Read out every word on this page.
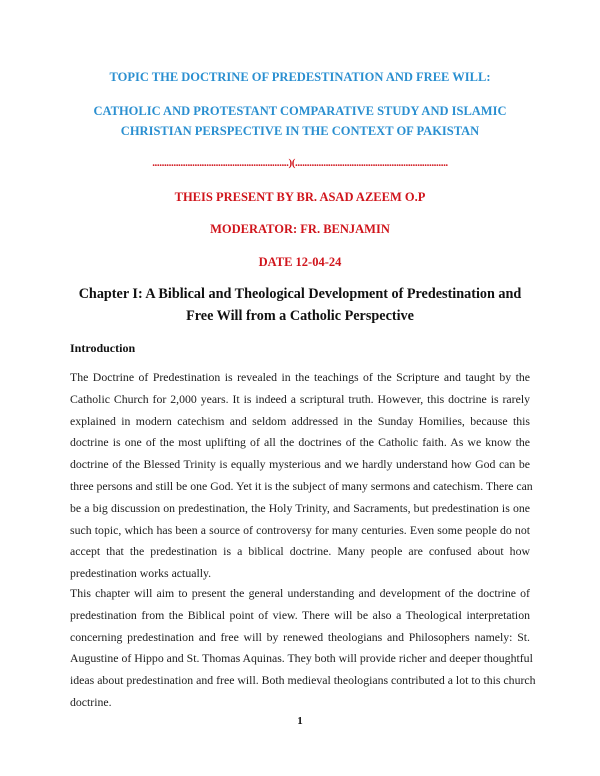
TOPIC THE DOCTRINE OF PREDESTINATION AND FREE WILL:
CATHOLIC AND PROTESTANT COMPARATIVE STUDY AND ISLAMIC
CHRISTIAN PERSPECTIVE IN THE CONTEXT OF PAKISTAN
..........................................................)(.................................................................
THEIS PRESENT BY BR. ASAD AZEEM O.P
MODERATOR: FR. BENJAMIN
DATE 12-04-24
Chapter I: A Biblical and Theological Development of Predestination and
Free Will from a Catholic Perspective
Introduction
The Doctrine of Predestination is revealed in the teachings of the Scripture and taught by the
Catholic Church for 2,000 years. It is indeed a scriptural truth. However, this doctrine is rarely
explained in modern catechism and seldom addressed in the Sunday Homilies, because this
doctrine is one of the most uplifting of all the doctrines of the Catholic faith. As we know the
doctrine of the Blessed Trinity is equally mysterious and we hardly understand how God can be
three persons and still be one God. Yet it is the subject of many sermons and catechism. There can
be a big discussion on predestination, the Holy Trinity, and Sacraments, but predestination is one
such topic, which has been a source of controversy for many centuries. Even some people do not
accept that the predestination is a biblical doctrine. Many people are confused about how
predestination works actually.
This chapter will aim to present the general understanding and development of the doctrine of
predestination from the Biblical point of view. There will be also a Theological interpretation
concerning predestination and free will by renewed theologians and Philosophers namely: St.
Augustine of Hippo and St. Thomas Aquinas. They both will provide richer and deeper thoughtful
ideas about predestination and free will. Both medieval theologians contributed a lot to this church
doctrine.
1
